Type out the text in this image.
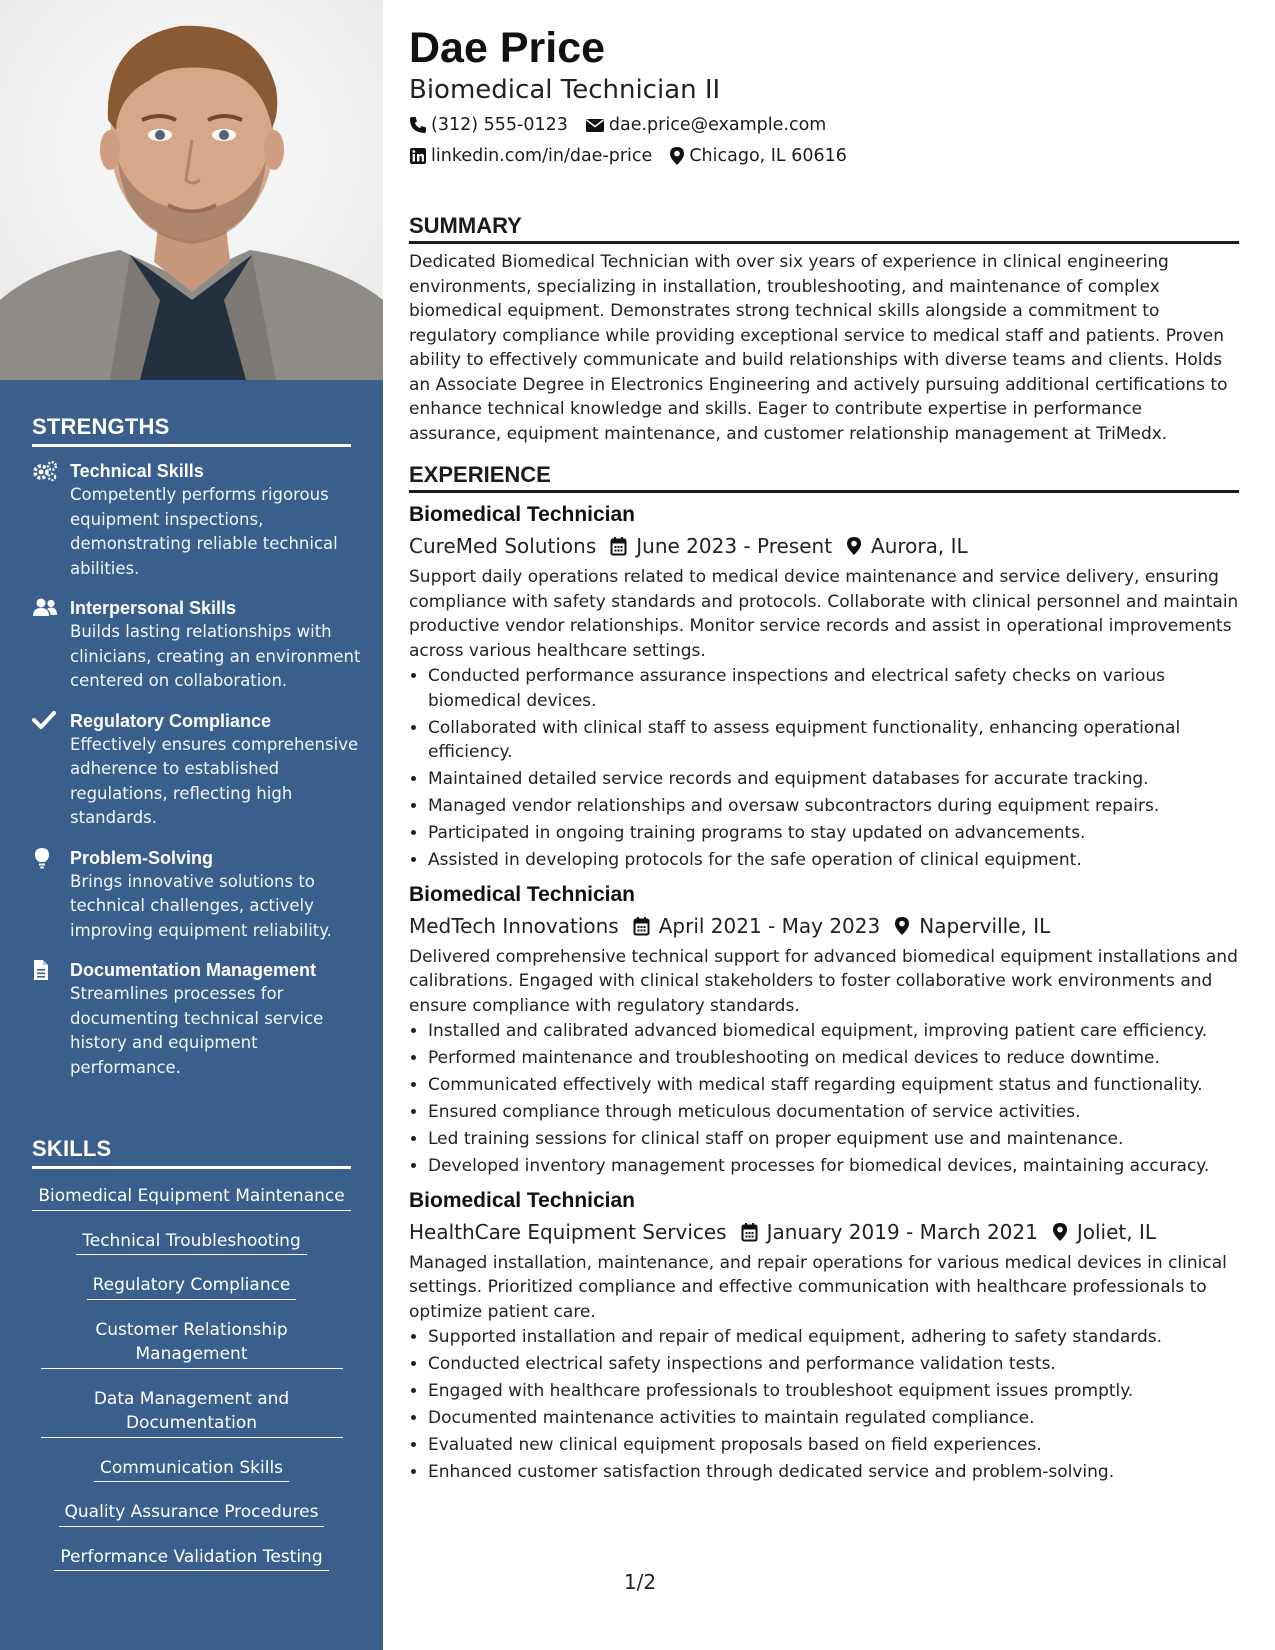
STRENGTHS
Technical Skills
Competently performs rigorous equipment inspections, demonstrating reliable technical abilities.
Interpersonal Skills
Builds lasting relationships with clinicians, creating an environment centered on collaboration.
Regulatory Compliance
Effectively ensures comprehensive adherence to established regulations, reflecting high standards.
Problem-Solving
Brings innovative solutions to technical challenges, actively improving equipment reliability.
Documentation Management
Streamlines processes for documenting technical service history and equipment performance.
SKILLS
Biomedical Equipment Maintenance
Technical Troubleshooting
Regulatory Compliance
Customer Relationship Management
Data Management and Documentation
Communication Skills
Quality Assurance Procedures
Performance Validation Testing
Dae Price
Biomedical Technician II
(312) 555-0123 dae.price@example.com
linkedin.com/in/dae-price Chicago, IL 60616
SUMMARY
Dedicated Biomedical Technician with over six years of experience in clinical engineering environments, specializing in installation, troubleshooting, and maintenance of complex biomedical equipment. Demonstrates strong technical skills alongside a commitment to regulatory compliance while providing exceptional service to medical staff and patients. Proven ability to effectively communicate and build relationships with diverse teams and clients. Holds an Associate Degree in Electronics Engineering and actively pursuing additional certifications to enhance technical knowledge and skills. Eager to contribute expertise in performance assurance, equipment maintenance, and customer relationship management at TriMedx.
EXPERIENCE
Biomedical Technician
CureMed Solutions June 2023 - Present Aurora, IL
Support daily operations related to medical device maintenance and service delivery, ensuring compliance with safety standards and protocols. Collaborate with clinical personnel and maintain productive vendor relationships. Monitor service records and assist in operational improvements across various healthcare settings.
• Conducted performance assurance inspections and electrical safety checks on various biomedical devices.
• Collaborated with clinical staff to assess equipment functionality, enhancing operational efficiency.
• Maintained detailed service records and equipment databases for accurate tracking.
• Managed vendor relationships and oversaw subcontractors during equipment repairs.
• Participated in ongoing training programs to stay updated on advancements.
• Assisted in developing protocols for the safe operation of clinical equipment.
Biomedical Technician
MedTech Innovations April 2021 - May 2023 Naperville, IL
Delivered comprehensive technical support for advanced biomedical equipment installations and calibrations. Engaged with clinical stakeholders to foster collaborative work environments and ensure compliance with regulatory standards.
• Installed and calibrated advanced biomedical equipment, improving patient care efficiency.
• Performed maintenance and troubleshooting on medical devices to reduce downtime.
• Communicated effectively with medical staff regarding equipment status and functionality.
• Ensured compliance through meticulous documentation of service activities.
• Led training sessions for clinical staff on proper equipment use and maintenance.
• Developed inventory management processes for biomedical devices, maintaining accuracy.
Biomedical Technician
HealthCare Equipment Services January 2019 - March 2021 Joliet, IL
Managed installation, maintenance, and repair operations for various medical devices in clinical settings. Prioritized compliance and effective communication with healthcare professionals to optimize patient care.
• Supported installation and repair of medical equipment, adhering to safety standards.
• Conducted electrical safety inspections and performance validation tests.
• Engaged with healthcare professionals to troubleshoot equipment issues promptly.
• Documented maintenance activities to maintain regulated compliance.
• Evaluated new clinical equipment proposals based on field experiences.
• Enhanced customer satisfaction through dedicated service and problem-solving.
1/2
